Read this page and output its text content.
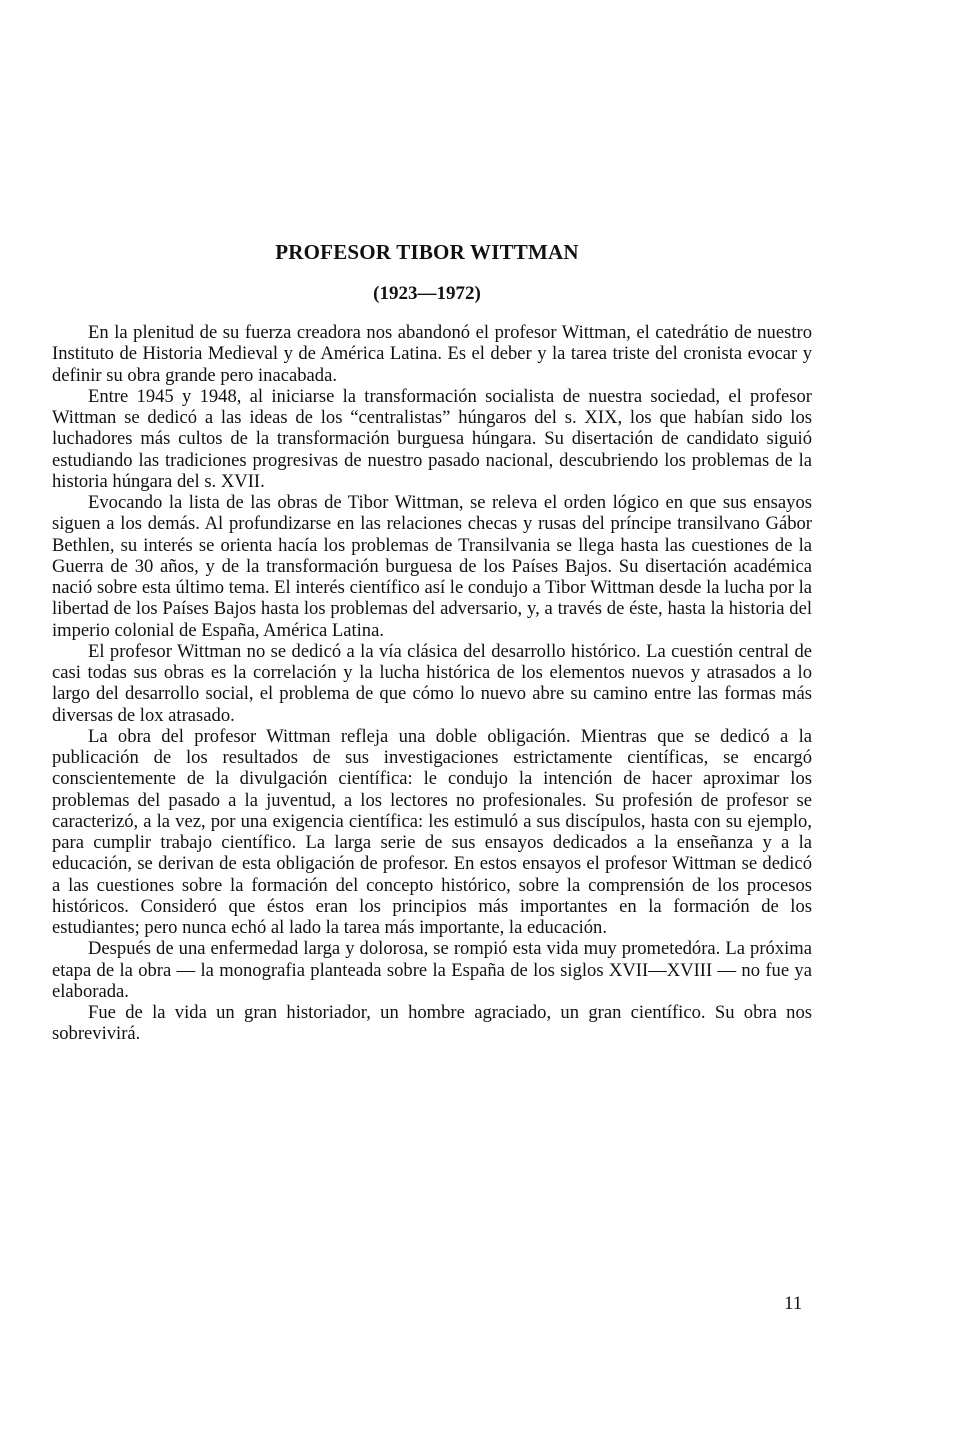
PROFESOR TIBOR WITTMAN
(1923—1972)

En la plenitud de su fuerza creadora nos abandonó el profesor Wittman, el catedrátio de nuestro Instituto de Historia Medieval y de América Latina. Es el deber y la tarea triste del cronista evocar y definir su obra grande pero inacabada.

Entre 1945 y 1948, al iniciarse la transformación socialista de nuestra sociedad, el profesor Wittman se dedicó a las ideas de los “centralistas” húngaros del s. XIX, los que habían sido los luchadores más cultos de la transformación burguesa húngara. Su disertación de candidato siguió estudiando las tradiciones progresivas de nuestro pasado nacional, descubriendo los problemas de la historia húngara del s. XVII.

Evocando la lista de las obras de Tibor Wittman, se releva el orden lógico en que sus ensayos siguen a los demás. Al profundizarse en las relaciones checas y rusas del príncipe transilvano Gábor Bethlen, su interés se orienta hacía los problemas de Transilvania se llega hasta las cuestiones de la Guerra de 30 años, y de la transformación burguesa de los Países Bajos. Su disertación académica nació sobre esta último tema. El interés científico así le condujo a Tibor Wittman desde la lucha por la libertad de los Países Bajos hasta los problemas del adversario, y, a través de éste, hasta la historia del imperio colonial de España, América Latina.

El profesor Wittman no se dedicó a la vía clásica del desarrollo histórico. La cuestión central de casi todas sus obras es la correlación y la lucha histórica de los elementos nuevos y atrasados a lo largo del desarrollo social, el problema de que cómo lo nuevo abre su camino entre las formas más diversas de lox atrasado.

La obra del profesor Wittman refleja una doble obligación. Mientras que se dedicó a la publicación de los resultados de sus investigaciones estrictamente científicas, se encargó conscientemente de la divulgación científica: le condujo la intención de hacer aproximar los problemas del pasado a la juventud, a los lectores no profesionales. Su profesión de profesor se caracterizó, a la vez, por una exigencia científica: les estimuló a sus discípulos, hasta con su ejemplo, para cumplir trabajo científico. La larga serie de sus ensayos dedicados a la enseñanza y a la educación, se derivan de esta obligación de profesor. En estos ensayos el profesor Wittman se dedicó a las cuestiones sobre la formación del concepto histórico, sobre la comprensión de los procesos históricos. Consideró que éstos eran los principios más importantes en la formación de los estudiantes; pero nunca echó al lado la tarea más importante, la educación.

Después de una enfermedad larga y dolorosa, se rompió esta vida muy prometedóra. La próxima etapa de la obra — la monografia planteada sobre la España de los siglos XVII—XVIII — no fue ya elaborada.

Fue de la vida un gran historiador, un hombre agraciado, un gran científico. Su obra nos sobrevivirá.

11
